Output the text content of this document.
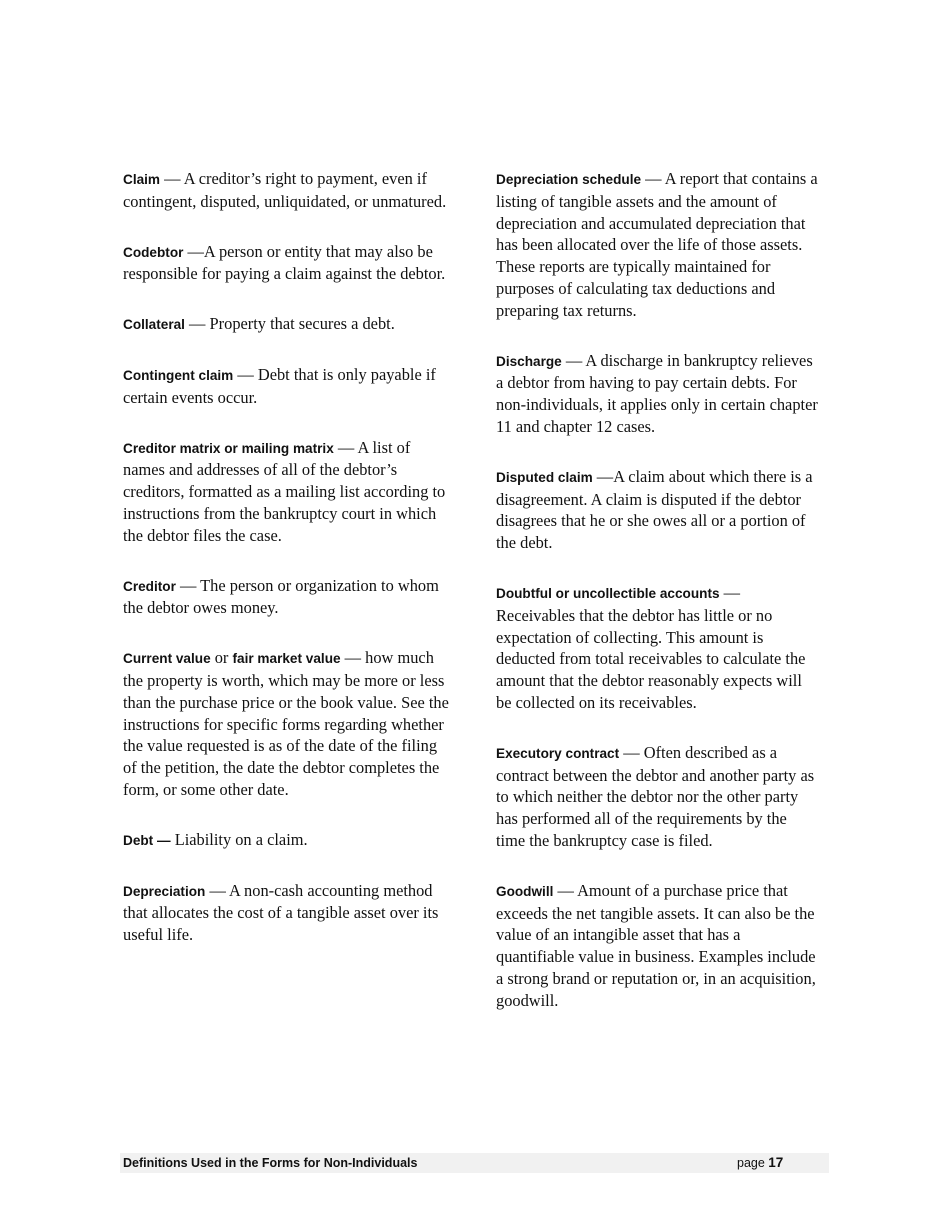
Claim — A creditor’s right to payment, even if contingent, disputed, unliquidated, or unmatured.

Codebtor —A person or entity that may also be responsible for paying a claim against the debtor.

Collateral — Property that secures a debt.

Contingent claim — Debt that is only payable if certain events occur.

Creditor matrix or mailing matrix — A list of names and addresses of all of the debtor’s creditors, formatted as a mailing list according to instructions from the bankruptcy court in which the debtor files the case.

Creditor — The person or organization to whom the debtor owes money.

Current value or fair market value — how much the property is worth, which may be more or less than the purchase price or the book value. See the instructions for specific forms regarding whether the value requested is as of the date of the filing of the petition, the date the debtor completes the form, or some other date.

Debt — Liability on a claim.

Depreciation — A non-cash accounting method that allocates the cost of a tangible asset over its useful life.

Depreciation schedule — A report that contains a listing of tangible assets and the amount of depreciation and accumulated depreciation that has been allocated over the life of those assets. These reports are typically maintained for purposes of calculating tax deductions and preparing tax returns.

Discharge — A discharge in bankruptcy relieves a debtor from having to pay certain debts. For non-individuals, it applies only in certain chapter 11 and chapter 12 cases.

Disputed claim —A claim about which there is a disagreement. A claim is disputed if the debtor disagrees that he or she owes all or a portion of the debt.

Doubtful or uncollectible accounts — Receivables that the debtor has little or no expectation of collecting. This amount is deducted from total receivables to calculate the amount that the debtor reasonably expects will be collected on its receivables.

Executory contract — Often described as a contract between the debtor and another party as to which neither the debtor nor the other party has performed all of the requirements by the time the bankruptcy case is filed.

Goodwill — Amount of a purchase price that exceeds the net tangible assets. It can also be the value of an intangible asset that has a quantifiable value in business. Examples include a strong brand or reputation or, in an acquisition, goodwill.

Definitions Used in the Forms for Non-Individuals	page 17
